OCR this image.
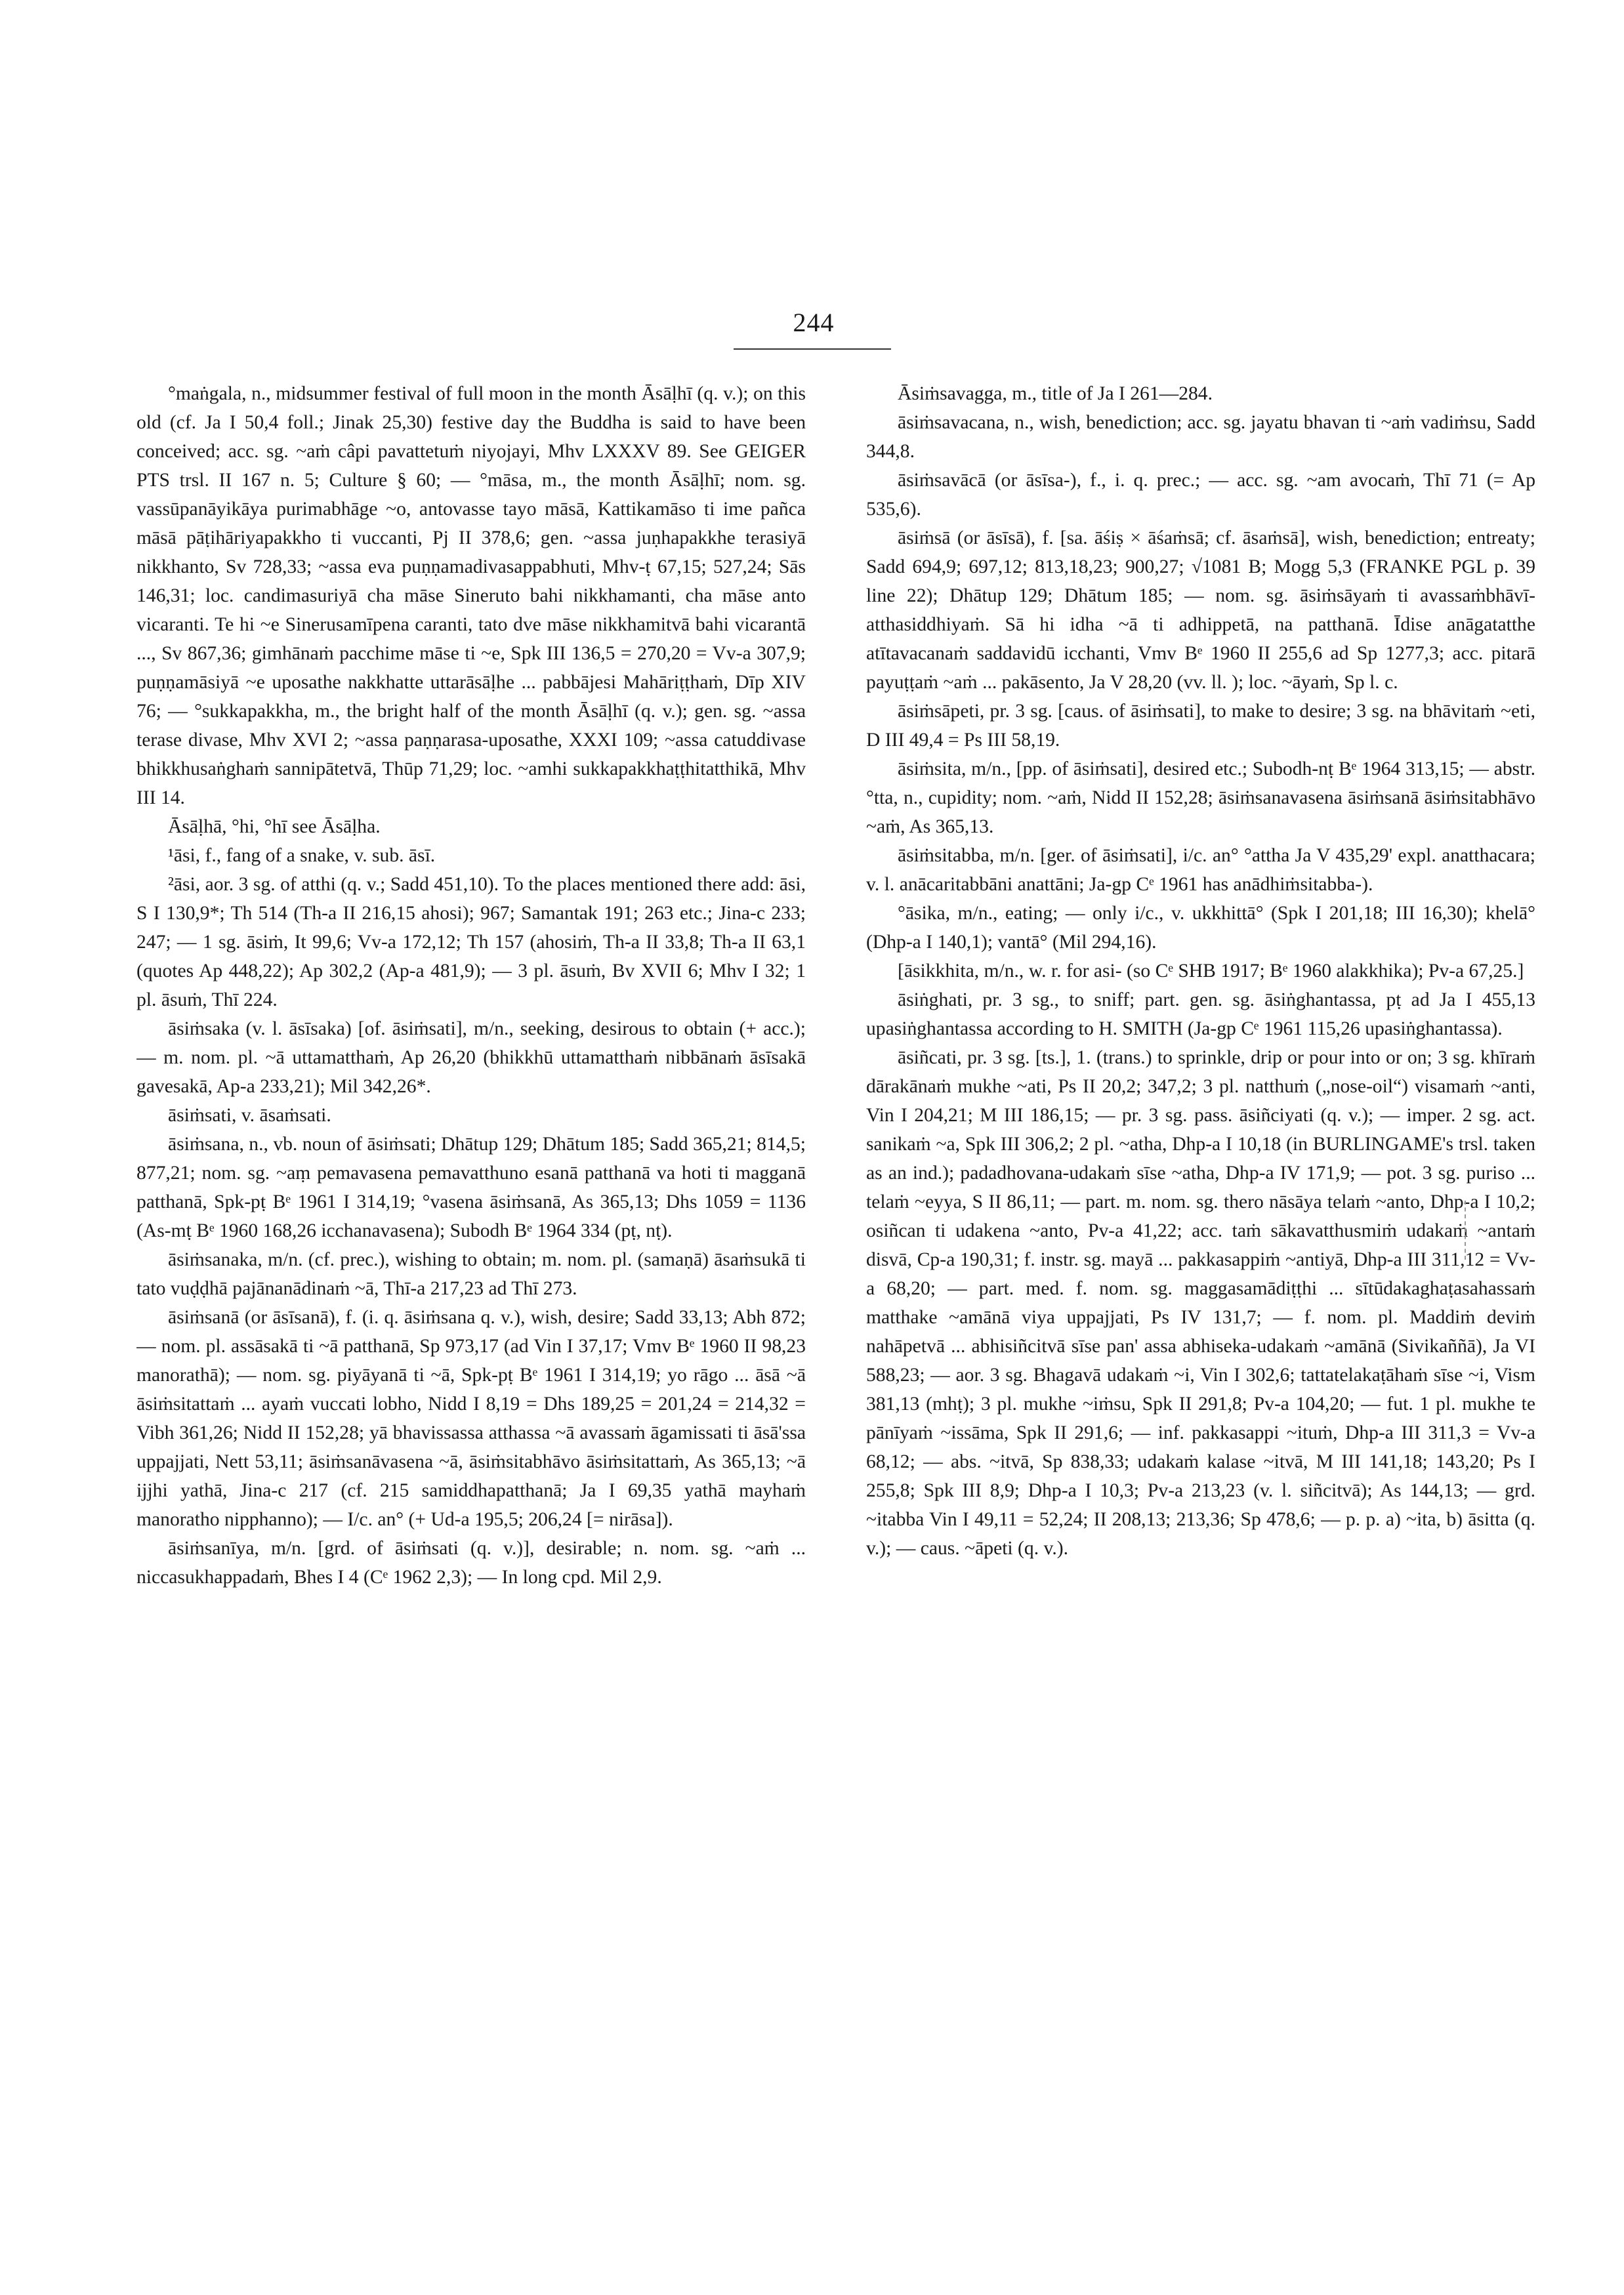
244

°maṅgala, n., midsummer festival of full moon in the month Āsāḷhī (q. v.); on this old (cf. Ja I 50,4 foll.; Jinak 25,30) festive day the Buddha is said to have been conceived; acc. sg. ~aṁ câpi pavattetuṁ niyojayi, Mhv LXXXV 89. See GEIGER PTS trsl. II 167 n. 5; Culture § 60; — °māsa, m., the month Āsāḷhī; nom. sg. vassūpanāyikāya purimabhāge ~o, antovasse tayo māsā, Kattikamāso ti ime pañca māsā pāṭihāriyapakkho ti vuccanti, Pj II 378,6; gen. ~assa juṇhapakkhe terasiyā nikkhanto, Sv 728,33; ~assa eva puṇṇamadivasappabhuti, Mhv-ṭ 67,15; 527,24; Sās 146,31; loc. candimasuriyā cha māse Sineruto bahi nikkhamanti, cha māse anto vicaranti. Te hi ~e Sinerusamīpena caranti, tato dve māse nikkhamitvā bahi vicarantā ..., Sv 867,36; gimhānaṁ pacchime māse ti ~e, Spk III 136,5 = 270,20 = Vv-a 307,9; puṇṇamāsiyā ~e uposathe nakkhatte uttarāsāḷhe ... pabbājesi Mahāriṭṭhaṁ, Dīp XIV 76; — °sukkapakkha, m., the bright half of the month Āsāḷhī (q. v.); gen. sg. ~assa terase divase, Mhv XVI 2; ~assa paṇṇarasa-uposathe, XXXI 109; ~assa catuddivase bhikkhusaṅghaṁ sannipātetvā, Thūp 71,29; loc. ~amhi sukkapakkhaṭṭhitatthikā, Mhv III 14.

Āsāḷhā, °hi, °hī see Āsāḷha.

¹āsi, f., fang of a snake, v. sub. āsī.

²āsi, aor. 3 sg. of atthi (q. v.; Sadd 451,10). To the places mentioned there add: āsi, S I 130,9*; Th 514 (Th-a II 216,15 ahosi); 967; Samantak 191; 263 etc.; Jina-c 233; 247; — 1 sg. āsiṁ, It 99,6; Vv-a 172,12; Th 157 (ahosiṁ, Th-a II 33,8; Th-a II 63,1 (quotes Ap 448,22); Ap 302,2 (Ap-a 481,9); — 3 pl. āsuṁ, Bv XVII 6; Mhv I 32; 1 pl. āsuṁ, Thī 224.

āsiṁsaka (v. l. āsīsaka) [of. āsiṁsati], m/n., seeking, desirous to obtain (+ acc.); — m. nom. pl. ~ā uttamatthaṁ, Ap 26,20 (bhikkhū uttamatthaṁ nibbānaṁ āsīsakā gavesakā, Ap-a 233,21); Mil 342,26*.

āsiṁsati, v. āsaṁsati.

āsiṁsana, n., vb. noun of āsiṁsati; Dhātup 129; Dhātum 185; Sadd 365,21; 814,5; 877,21; nom. sg. ~aṃ pemavasena pemavatthuno esanā patthanā va hoti ti magganā patthanā, Spk-pṭ Bᵉ 1961 I 314,19; °vasena āsiṁsanā, As 365,13; Dhs 1059 = 1136 (As-mṭ Bᵉ 1960 168,26 icchanavasena); Subodh Bᵉ 1964 334 (pṭ, nṭ).

āsiṁsanaka, m/n. (cf. prec.), wishing to obtain; m. nom. pl. (samaṇā) āsaṁsukā ti tato vuḍḍhā pajānanādinaṁ ~ā, Thī-a 217,23 ad Thī 273.

āsiṁsanā (or āsīsanā), f. (i. q. āsiṁsana q. v.), wish, desire; Sadd 33,13; Abh 872; — nom. pl. assāsakā ti ~ā patthanā, Sp 973,17 (ad Vin I 37,17; Vmv Bᵉ 1960 II 98,23 manorathā); — nom. sg. piyāyanā ti ~ā, Spk-pṭ Bᵉ 1961 I 314,19; yo rāgo ... āsā ~ā āsiṁsitattaṁ ... ayaṁ vuccati lobho, Nidd I 8,19 = Dhs 189,25 = 201,24 = 214,32 = Vibh 361,26; Nidd II 152,28; yā bhavissassa atthassa ~ā avassaṁ āgamissati ti āsā'ssa uppajjati, Nett 53,11; āsiṁsanāvasena ~ā, āsiṁsitabhāvo āsiṁsitattaṁ, As 365,13; ~ā ijjhi yathā, Jina-c 217 (cf. 215 samiddhapatthanā; Ja I 69,35 yathā mayhaṁ manoratho nipphanno); — I/c. an° (+ Ud-a 195,5; 206,24 [= nirāsa]).

āsiṁsanīya, m/n. [grd. of āsiṁsati (q. v.)], desirable; n. nom. sg. ~aṁ ... niccasukhappadaṁ, Bhes I 4 (Cᵉ 1962 2,3); — In long cpd. Mil 2,9.

Āsiṁsavagga, m., title of Ja I 261—284.

āsiṁsavacana, n., wish, benediction; acc. sg. jayatu bhavan ti ~aṁ vadiṁsu, Sadd 344,8.

āsiṁsavācā (or āsīsa-), f., i. q. prec.; — acc. sg. ~am avocaṁ, Thī 71 (= Ap 535,6).

āsiṁsā (or āsīsā), f. [sa. āśiṣ × āśaṁsā; cf. āsaṁsā], wish, benediction; entreaty; Sadd 694,9; 697,12; 813,18,23; 900,27; √1081 B; Mogg 5,3 (FRANKE PGL p. 39 line 22); Dhātup 129; Dhātum 185; — nom. sg. āsiṁsāyaṁ ti avassaṁbhāvī-atthasiddhiyaṁ. Sā hi idha ~ā ti adhippetā, na patthanā. Īdise anāgatatthe atītavacanaṁ saddavidū icchanti, Vmv Bᵉ 1960 II 255,6 ad Sp 1277,3; acc. pitarā payuṭṭaṁ ~aṁ ... pakāsento, Ja V 28,20 (vv. ll. ); loc. ~āyaṁ, Sp l. c.

āsiṁsāpeti, pr. 3 sg. [caus. of āsiṁsati], to make to desire; 3 sg. na bhāvitaṁ ~eti, D III 49,4 = Ps III 58,19.

āsiṁsita, m/n., [pp. of āsiṁsati], desired etc.; Subodh-nṭ Bᵉ 1964 313,15; — abstr. °tta, n., cupidity; nom. ~aṁ, Nidd II 152,28; āsiṁsanavasena āsiṁsanā āsiṁsitabhāvo ~aṁ, As 365,13.

āsiṁsitabba, m/n. [ger. of āsiṁsati], i/c. an° °attha Ja V 435,29' expl. anatthacara; v. l. anācaritabbāni anattāni; Ja-gp Cᵉ 1961 has anādhiṁsitabba-).

°āsika, m/n., eating; — only i/c., v. ukkhittā° (Spk I 201,18; III 16,30); khelā° (Dhp-a I 140,1); vantā° (Mil 294,16).

[āsikkhita, m/n., w. r. for asi- (so Cᵉ SHB 1917; Bᵉ 1960 alakkhika); Pv-a 67,25.]

āsiṅghati, pr. 3 sg., to sniff; part. gen. sg. āsiṅghantassa, pṭ ad Ja I 455,13 upasiṅghantassa according to H. SMITH (Ja-gp Cᵉ 1961 115,26 upasiṅghantassa).

āsiñcati, pr. 3 sg. [ts.], 1. (trans.) to sprinkle, drip or pour into or on; 3 sg. khīraṁ dārakānaṁ mukhe ~ati, Ps II 20,2; 347,2; 3 pl. natthuṁ („nose-oil“) visamaṁ ~anti, Vin I 204,21; M III 186,15; — pr. 3 sg. pass. āsiñciyati (q. v.); — imper. 2 sg. act. sanikaṁ ~a, Spk III 306,2; 2 pl. ~atha, Dhp-a I 10,18 (in BURLINGAME's trsl. taken as an ind.); padadhovana-udakaṁ sīse ~atha, Dhp-a IV 171,9; — pot. 3 sg. puriso ... telaṁ ~eyya, S II 86,11; — part. m. nom. sg. thero nāsāya telaṁ ~anto, Dhp-a I 10,2; osiñcan ti udakena ~anto, Pv-a 41,22; acc. taṁ sākavatthusmiṁ udakaṁ ~antaṁ disvā, Cp-a 190,31; f. instr. sg. mayā ... pakkasappiṁ ~antiyā, Dhp-a III 311,12 = Vv-a 68,20; — part. med. f. nom. sg. maggasamādiṭṭhi ... sītūdakaghaṭasahassaṁ matthake ~amānā viya uppajjati, Ps IV 131,7; — f. nom. pl. Maddiṁ deviṁ nahāpetvā ... abhisiñcitvā sīse pan' assa abhiseka-udakaṁ ~amānā (Sivikaññā), Ja VI 588,23; — aor. 3 sg. Bhagavā udakaṁ ~i, Vin I 302,6; tattatelakaṭāhaṁ sīse ~i, Vism 381,13 (mhṭ); 3 pl. mukhe ~iṁsu, Spk II 291,8; Pv-a 104,20; — fut. 1 pl. mukhe te pānīyaṁ ~issāma, Spk II 291,6; — inf. pakkasappi ~ituṁ, Dhp-a III 311,3 = Vv-a 68,12; — abs. ~itvā, Sp 838,33; udakaṁ kalase ~itvā, M III 141,18; 143,20; Ps I 255,8; Spk III 8,9; Dhp-a I 10,3; Pv-a 213,23 (v. l. siñcitvā); As 144,13; — grd. ~itabba Vin I 49,11 = 52,24; II 208,13; 213,36; Sp 478,6; — p. p. a) ~ita, b) āsitta (q. v.); — caus. ~āpeti (q. v.).
